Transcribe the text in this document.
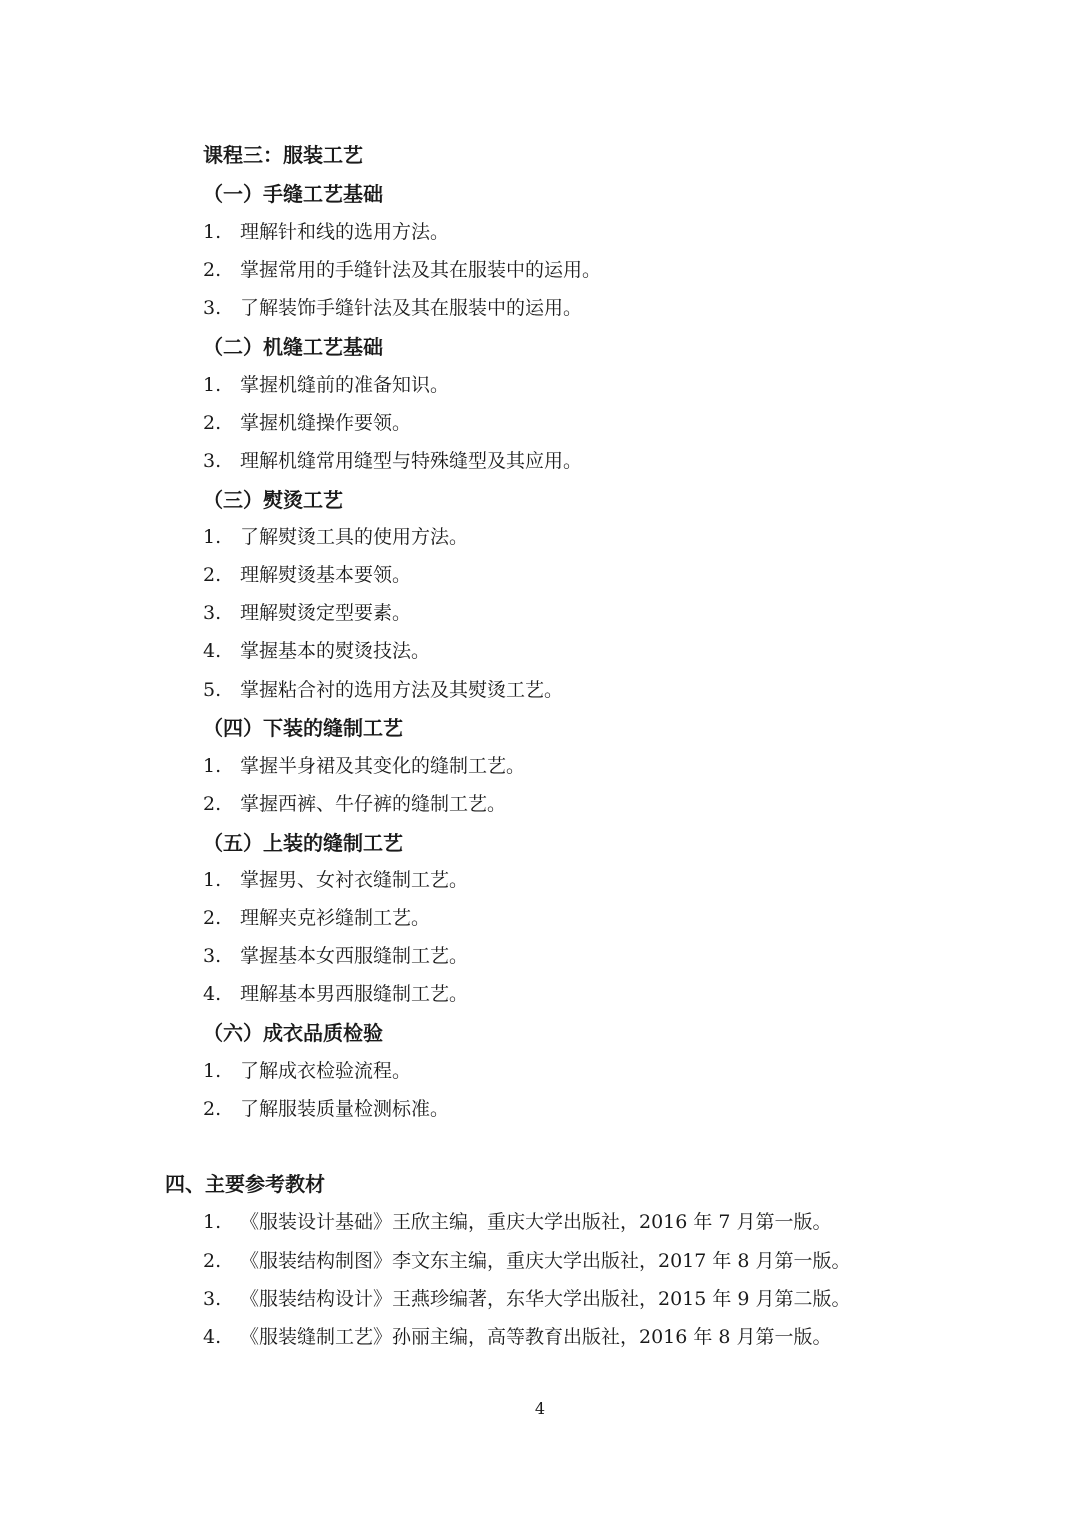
课程三：服装工艺
（一）手缝工艺基础
1. 理解针和线的选用方法。
2. 掌握常用的手缝针法及其在服装中的运用。
3. 了解装饰手缝针法及其在服装中的运用。
（二）机缝工艺基础
1. 掌握机缝前的准备知识。
2. 掌握机缝操作要领。
3. 理解机缝常用缝型与特殊缝型及其应用。
（三）熨烫工艺
1. 了解熨烫工具的使用方法。
2. 理解熨烫基本要领。
3. 理解熨烫定型要素。
4. 掌握基本的熨烫技法。
5. 掌握粘合衬的选用方法及其熨烫工艺。
（四）下装的缝制工艺
1. 掌握半身裙及其变化的缝制工艺。
2. 掌握西裤、牛仔裤的缝制工艺。
（五）上装的缝制工艺
1. 掌握男、女衬衣缝制工艺。
2. 理解夹克衫缝制工艺。
3. 掌握基本女西服缝制工艺。
4. 理解基本男西服缝制工艺。
（六）成衣品质检验
1. 了解成衣检验流程。
2. 了解服装质量检测标准。
四、主要参考教材
1. 《服装设计基础》王欣主编，重庆大学出版社，2016 年 7 月第一版。
2. 《服装结构制图》李文东主编，重庆大学出版社，2017 年 8 月第一版。
3. 《服装结构设计》王燕珍编著，东华大学出版社，2015 年 9 月第二版。
4. 《服装缝制工艺》孙丽主编，高等教育出版社，2016 年 8 月第一版。
4
